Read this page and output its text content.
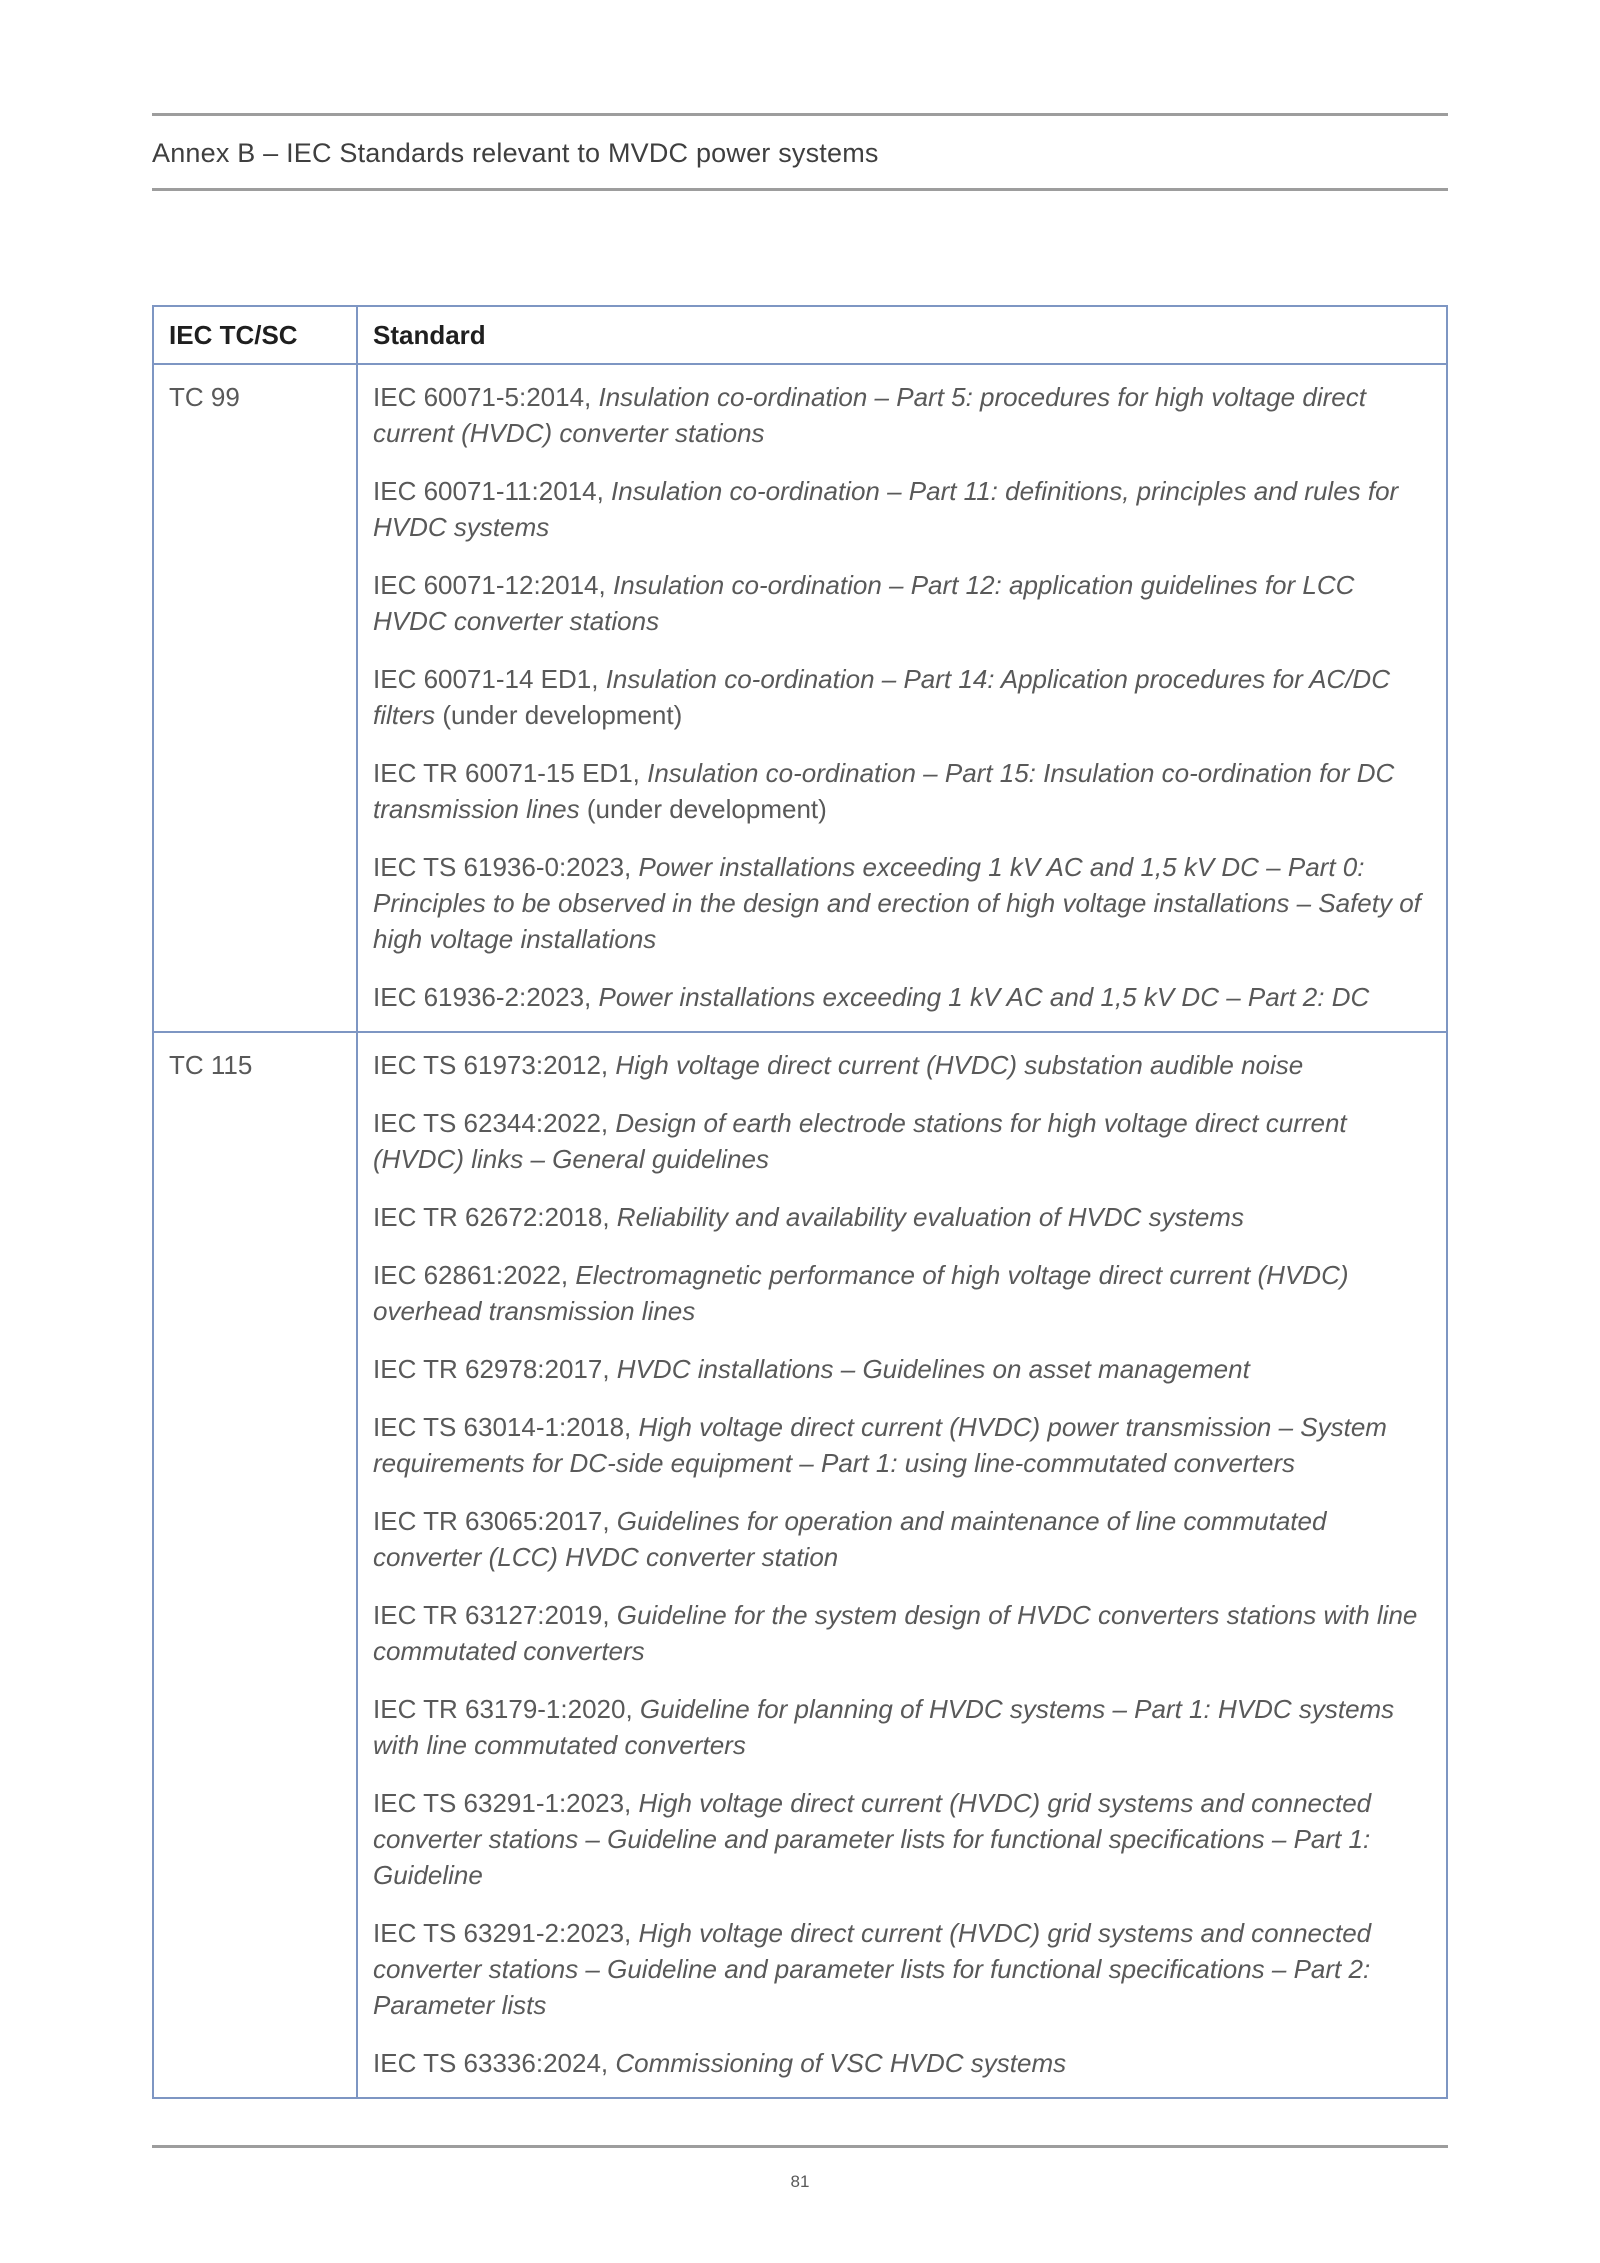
Annex B – IEC Standards relevant to MVDC power systems
IEC TC/SC	Standard
TC 99	IEC 60071-5:2014, Insulation co-ordination – Part 5: procedures for high voltage direct current (HVDC) converter stations

IEC 60071-11:2014, Insulation co-ordination – Part 11: definitions, principles and rules for HVDC systems

IEC 60071-12:2014, Insulation co-ordination – Part 12: application guidelines for LCC HVDC converter stations

IEC 60071-14 ED1, Insulation co-ordination – Part 14: Application procedures for AC/DC filters (under development)

IEC TR 60071-15 ED1, Insulation co-ordination – Part 15: Insulation co-ordination for DC transmission lines (under development)

IEC TS 61936-0:2023, Power installations exceeding 1 kV AC and 1,5 kV DC – Part 0: Principles to be observed in the design and erection of high voltage installations – Safety of high voltage installations

IEC 61936-2:2023, Power installations exceeding 1 kV AC and 1,5 kV DC – Part 2: DC

TC 115	IEC TS 61973:2012, High voltage direct current (HVDC) substation audible noise

IEC TS 62344:2022, Design of earth electrode stations for high voltage direct current (HVDC) links – General guidelines

IEC TR 62672:2018, Reliability and availability evaluation of HVDC systems

IEC 62861:2022, Electromagnetic performance of high voltage direct current (HVDC) overhead transmission lines

IEC TR 62978:2017, HVDC installations – Guidelines on asset management

IEC TS 63014-1:2018, High voltage direct current (HVDC) power transmission – System requirements for DC-side equipment – Part 1: using line-commutated converters

IEC TR 63065:2017, Guidelines for operation and maintenance of line commutated converter (LCC) HVDC converter station

IEC TR 63127:2019, Guideline for the system design of HVDC converters stations with line commutated converters

IEC TR 63179-1:2020, Guideline for planning of HVDC systems – Part 1: HVDC systems with line commutated converters

IEC TS 63291-1:2023, High voltage direct current (HVDC) grid systems and connected converter stations – Guideline and parameter lists for functional specifications – Part 1: Guideline

IEC TS 63291-2:2023, High voltage direct current (HVDC) grid systems and connected converter stations – Guideline and parameter lists for functional specifications – Part 2: Parameter lists

IEC TS 63336:2024, Commissioning of VSC HVDC systems

81
